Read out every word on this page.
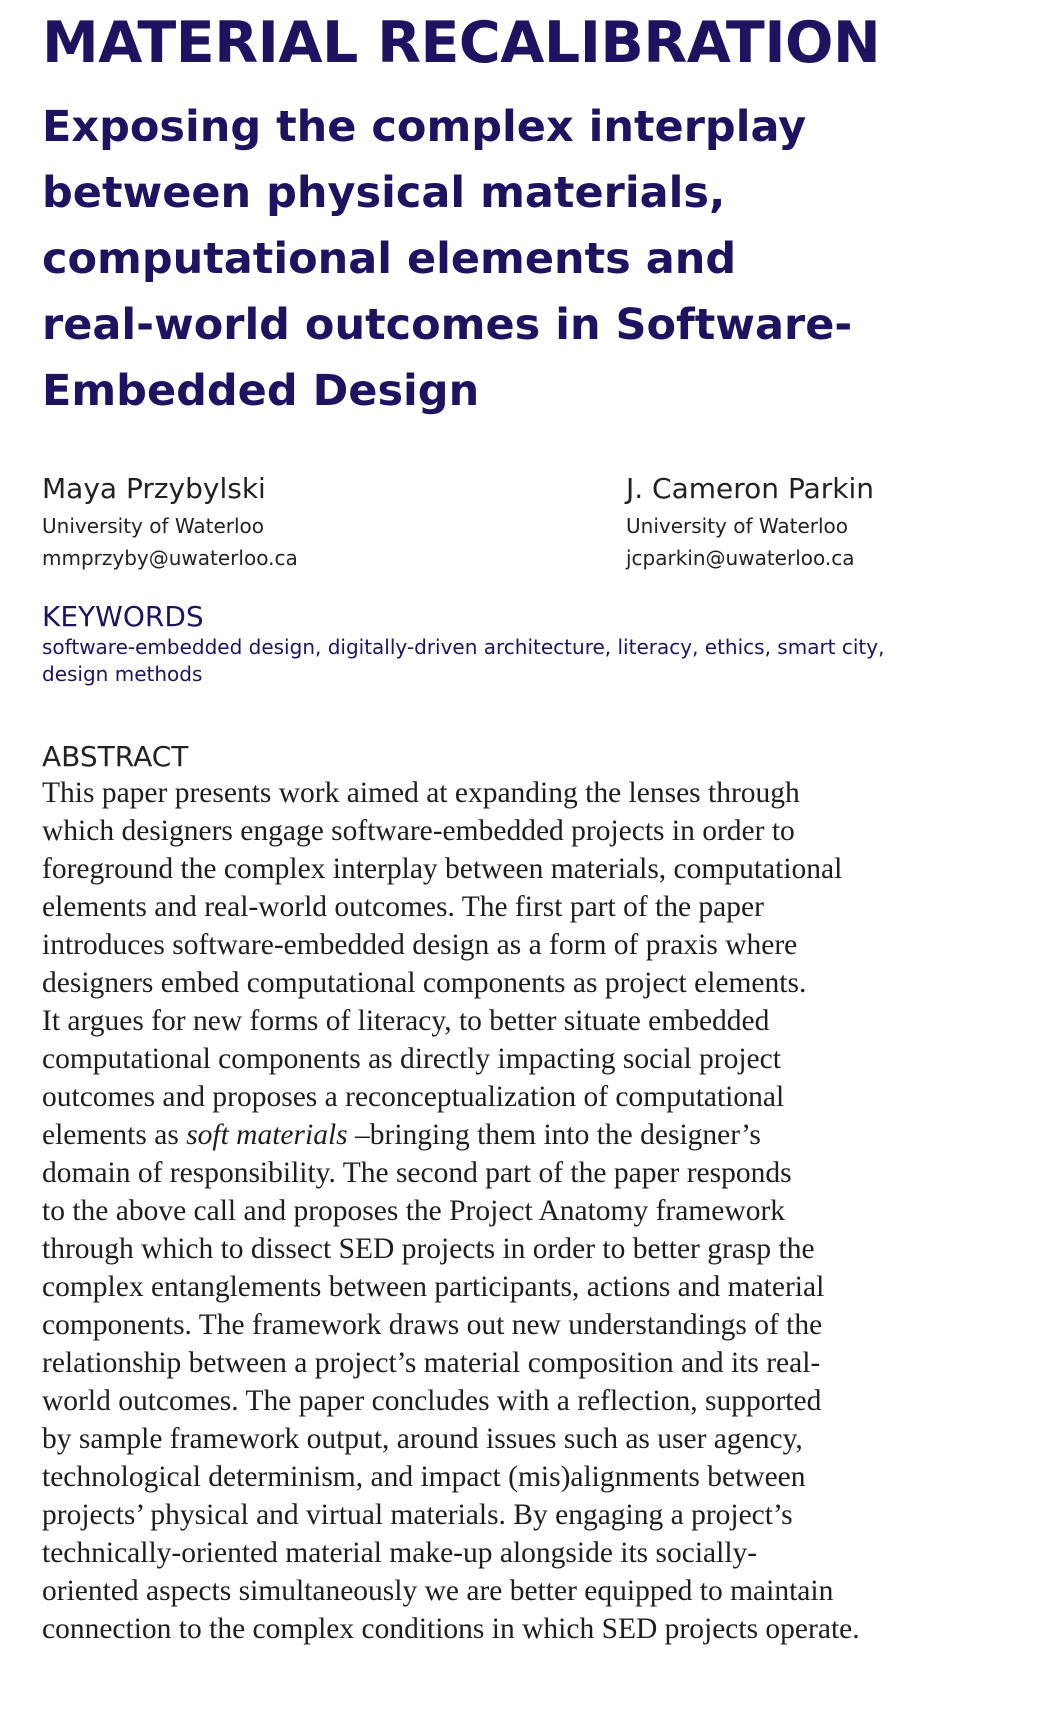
MATERIAL RECALIBRATION
Exposing the complex interplay
between physical materials,
computational elements and
real-world outcomes in Software-
Embedded Design
Maya Przybylski
University of Waterloo
mmprzyby@uwaterloo.ca
J. Cameron Parkin
University of Waterloo
jcparkin@uwaterloo.ca
KEYWORDS
software-embedded design, digitally-driven architecture, literacy, ethics, smart city,
design methods
ABSTRACT

This paper presents work aimed at expanding the lenses through
which designers engage software-embedded projects in order to
foreground the complex interplay between materials, computational
elements and real-world outcomes. The first part of the paper
introduces software-embedded design as a form of praxis where
designers embed computational components as project elements.
It argues for new forms of literacy, to better situate embedded
computational components as directly impacting social project
outcomes and proposes a reconceptualization of computational
elements as soft materials –bringing them into the designer’s
domain of responsibility. The second part of the paper responds
to the above call and proposes the Project Anatomy framework
through which to dissect SED projects in order to better grasp the
complex entanglements between participants, actions and material
components. The framework draws out new understandings of the
relationship between a project’s material composition and its real-
world outcomes. The paper concludes with a reflection, supported
by sample framework output, around issues such as user agency,
technological determinism, and impact (mis)alignments between
projects’ physical and virtual materials. By engaging a project’s
technically-oriented material make-up alongside its socially-
oriented aspects simultaneously we are better equipped to maintain
connection to the complex conditions in which SED projects operate.
